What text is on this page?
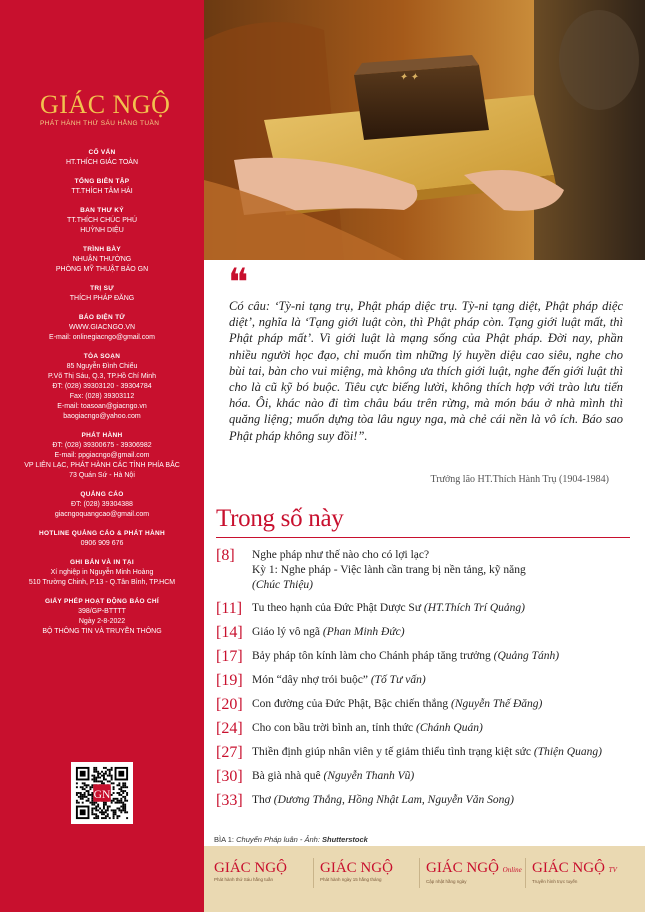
GIÁC NGỘ
PHÁT HÀNH THỨ SÁU HẰNG TUẦN
CỐ VẤN
HT.THÍCH GIÁC TOÀN
TỔNG BIÊN TẬP
TT.THÍCH TÂM HẢI
BAN THƯ KÝ
TT.THÍCH CHÚC PHÚ
HUỲNH DIỆU
TRÌNH BÀY
NHUẬN THƯỜNG
PHÒNG MỸ THUẬT BÁO GN
TRỊ SỰ
THÍCH PHÁP ĐĂNG
BÁO ĐIỆN TỬ
WWW.GIACNGO.VN
E-mail: onlinegiacngo@gmail.com
TÒA SOẠN
85 Nguyễn Đình Chiểu
P.Võ Thị Sáu, Q.3, TP.Hồ Chí Minh
ĐT: (028) 39303120 - 39304784
Fax: (028) 39303112
E-mail: toasoan@giacngo.vn
baogiacngo@yahoo.com
PHÁT HÀNH
ĐT: (028) 39300675 - 39306982
E-mail: ppgiacngo@gmail.com
VP LIÊN LẠC, PHÁT HÀNH CÁC TỈNH PHÍA BẮC
73 Quán Sứ - Hà Nội
QUẢNG CÁO
ĐT: (028) 39304388
giacngoquangcao@gmail.com
HOTLINE QUẢNG CÁO & PHÁT HÀNH
0906 909 676
GHI BẢN VÀ IN TẠI
Xí nghiệp in Nguyễn Minh Hoàng
510 Trường Chinh, P.13 - Q.Tân Bình, TP.HCM
GIẤY PHÉP HOẠT ĐỘNG BÁO CHÍ
398/GP-BTTTT
Ngày 2-8-2022
BỘ THÔNG TIN VÀ TRUYỀN THÔNG
GN
✦ ✦
❝
Có câu: ‘Tỳ-ni tạng trụ, Phật pháp diệc trụ. Tỳ-ni tạng diệt, Phật pháp diệc diệt’, nghĩa là ‘Tạng giới luật còn, thì Phật pháp còn. Tạng giới luật mất, thì Phật pháp mất’. Vì giới luật là mạng sống của Phật pháp. Đời nay, phần nhiều người học đạo, chỉ muốn tìm những lý huyền diệu cao siêu, nghe cho bùi tai, bàn cho vui miệng, mà không ưa thích giới luật, nghe đến giới luật thì cho là cũ kỹ bó buộc. Tiêu cực biếng lười, không thích hợp với trào lưu tiến hóa. Ôi, khác nào đi tìm châu báu trên rừng, mà món báu ở nhà mình thì quăng liệng; muốn dựng tòa lâu nguy nga, mà chẻ cái nền là vô ích. Báo sao Phật pháp không suy đồi!”.
Trưởng lão HT.Thích Hành Trụ (1904-1984)
Trong số này
[8]	Nghe pháp như thế nào cho có lợi lạc?
Kỳ 1: Nghe pháp - Việc lành cần trang bị nền tảng, kỹ năng
(Chúc Thiệu)
[11] Tu theo hạnh của Đức Phật Dược Sư (HT.Thích Trí Quảng)
[14] Giáo lý vô ngã (Phan Minh Đức)
[17] Bảy pháp tôn kính làm cho Chánh pháp tăng trưởng (Quảng Tánh)
[19] Món “dây nhợ trói buộc” (Tố Tư vấn)
[20] Con đường của Đức Phật, Bậc chiến thắng (Nguyễn Thế Đăng)
[24] Cho con bầu trời bình an, tỉnh thức (Chánh Quán)
[27] Thiền định giúp nhân viên y tế giảm thiểu tình trạng kiệt sức (Thiện Quang)
[30] Bà già nhà quê (Nguyễn Thanh Vũ)
[33] Thơ (Dương Thắng, Hồng Nhật Lam, Nguyễn Văn Song)
BÌA 1: Chuyển Pháp luân - Ảnh: Shutterstock
GIÁC NGỘ
Phát hành thứ Sáu hằng tuần
GIÁC NGỘ
Phát hành ngày 15 hằng tháng
GIÁC NGỘ Online
Cập nhật hằng ngày
GIÁC NGỘ TV
Truyền hình trực tuyến
